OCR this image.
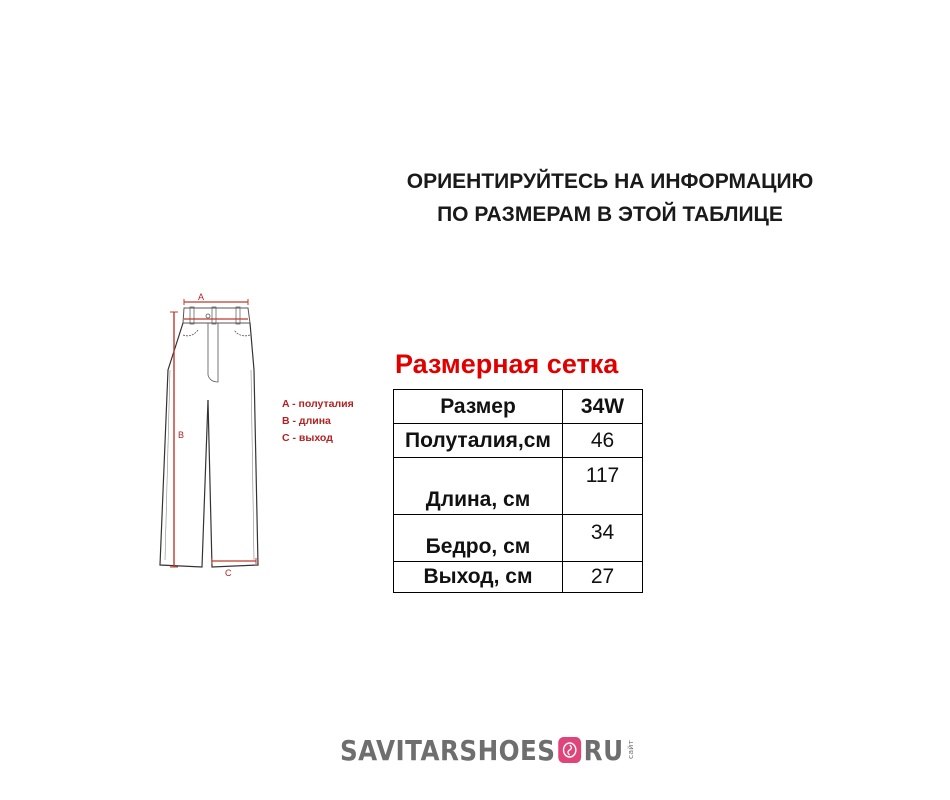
ОРИЕНТИРУЙТЕСЬ НА ИНФОРМАЦИЮ
ПО РАЗМЕРАМ В ЭТОЙ ТАБЛИЦЕ
A
B
C
A - полуталия
B - длина
C - выход
Размерная сетка
Размер	34W
Полуталия,см	46
Длина, см	117
Бедро, см	34
Выход, см	27
SAVITARSHOES RU сайт
